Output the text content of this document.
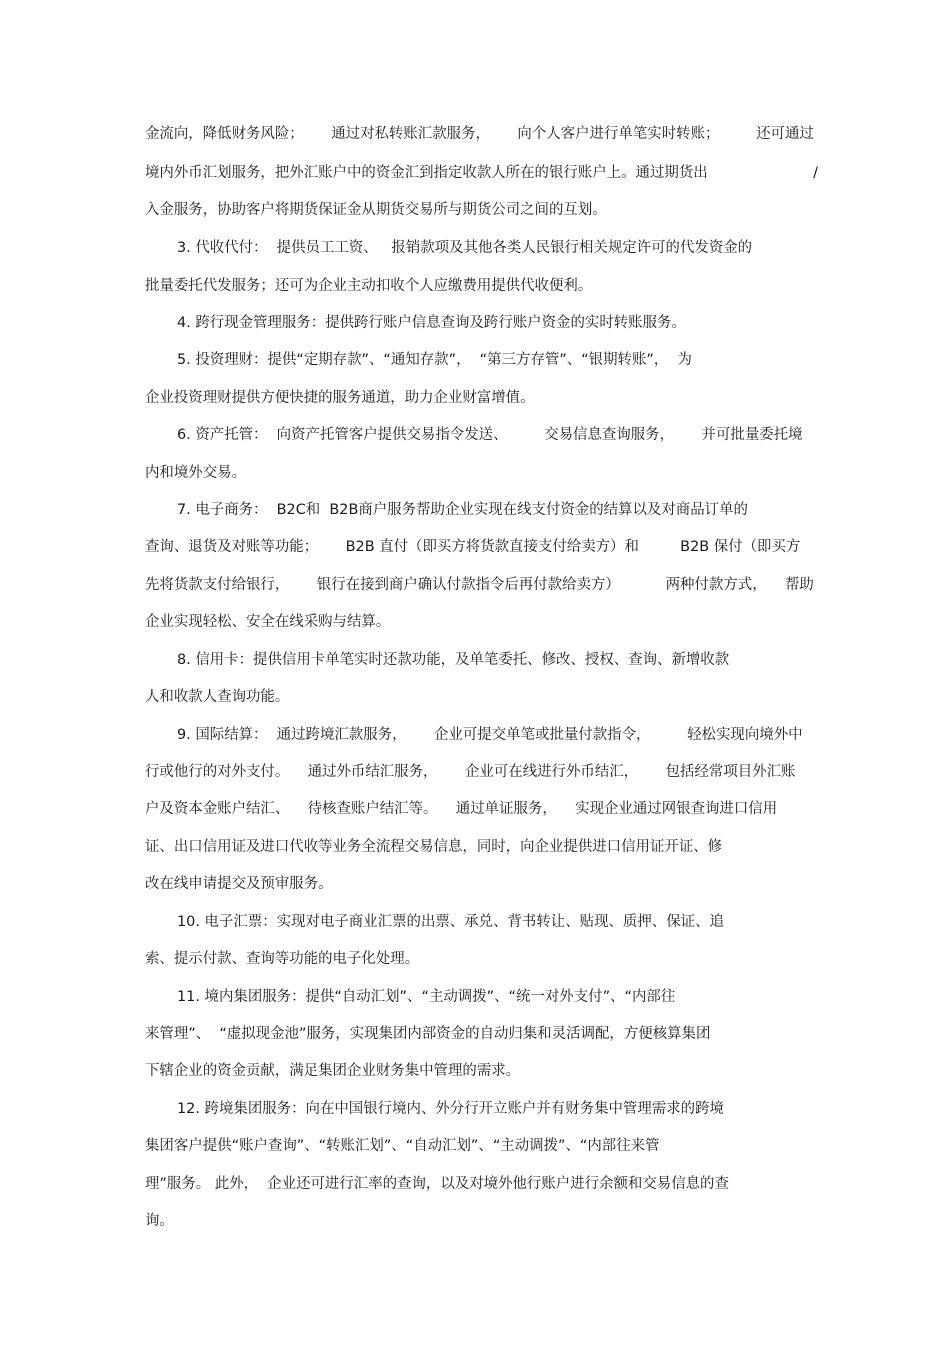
金流向，降低财务风险；      通过对私转账汇款服务，      向个人客户进行单笔实时转账；        还可通过
境内外币汇划服务，把外汇账户中的资金汇到指定收款人所在的银行账户上。通过期货出                       /
入金服务，协助客户将期货保证金从期货交易所与期货公司之间的互划。
3. 代收代付：  提供员工工资、   报销款项及其他各类人民银行相关规定许可的代发资金的
批量委托代发服务；还可为企业主动扣收个人应缴费用提供代收便利。
4. 跨行现金管理服务：提供跨行账户信息查询及跨行账户资金的实时转账服务。
5. 投资理财：提供“定期存款”、“通知存款”，  “第三方存管”、“银期转账”，  为
企业投资理财提供方便快捷的服务通道，助力企业财富增值。
6. 资产托管：  向资产托管客户提供交易指令发送、        交易信息查询服务，      并可批量委托境
内和境外交易。
7. 电子商务：  B2C和  B2B商户服务帮助企业实现在线支付资金的结算以及对商品订单的
查询、退货及对账等功能；      B2B 直付（即买方将货款直接支付给卖方）和         B2B 保付（即买方
先将货款支付给银行，      银行在接到商户确认付款指令后再付款给卖方）          两种付款方式，    帮助
企业实现轻松、安全在线采购与结算。
8. 信用卡：提供信用卡单笔实时还款功能，及单笔委托、修改、授权、查询、新增收款
人和收款人查询功能。
9. 国际结算：  通过跨境汇款服务，      企业可提交单笔或批量付款指令，        轻松实现向境外中
行或他行的对外支付。    通过外币结汇服务，      企业可在线进行外币结汇，      包括经常项目外汇账
户及资本金账户结汇、    待核查账户结汇等。    通过单证服务，    实现企业通过网银查询进口信用
证、出口信用证及进口代收等业务全流程交易信息，同时，向企业提供进口信用证开证、修
改在线申请提交及预审服务。
10. 电子汇票：实现对电子商业汇票的出票、承兑、背书转让、贴现、质押、保证、追
索、提示付款、查询等功能的电子化处理。
11. 境内集团服务：提供“自动汇划”、“主动调拨”、“统一对外支付”、“内部往
来管理”、  “虚拟现金池”服务，实现集团内部资金的自动归集和灵活调配，方便核算集团
下辖企业的资金贡献，满足集团企业财务集中管理的需求。
12. 跨境集团服务：向在中国银行境内、外分行开立账户并有财务集中管理需求的跨境
集团客户提供“账户查询”、“转账汇划”、“自动汇划”、“主动调拨”、“内部往来管
理”服务。 此外，  企业还可进行汇率的查询，以及对境外他行账户进行余额和交易信息的查
询。
